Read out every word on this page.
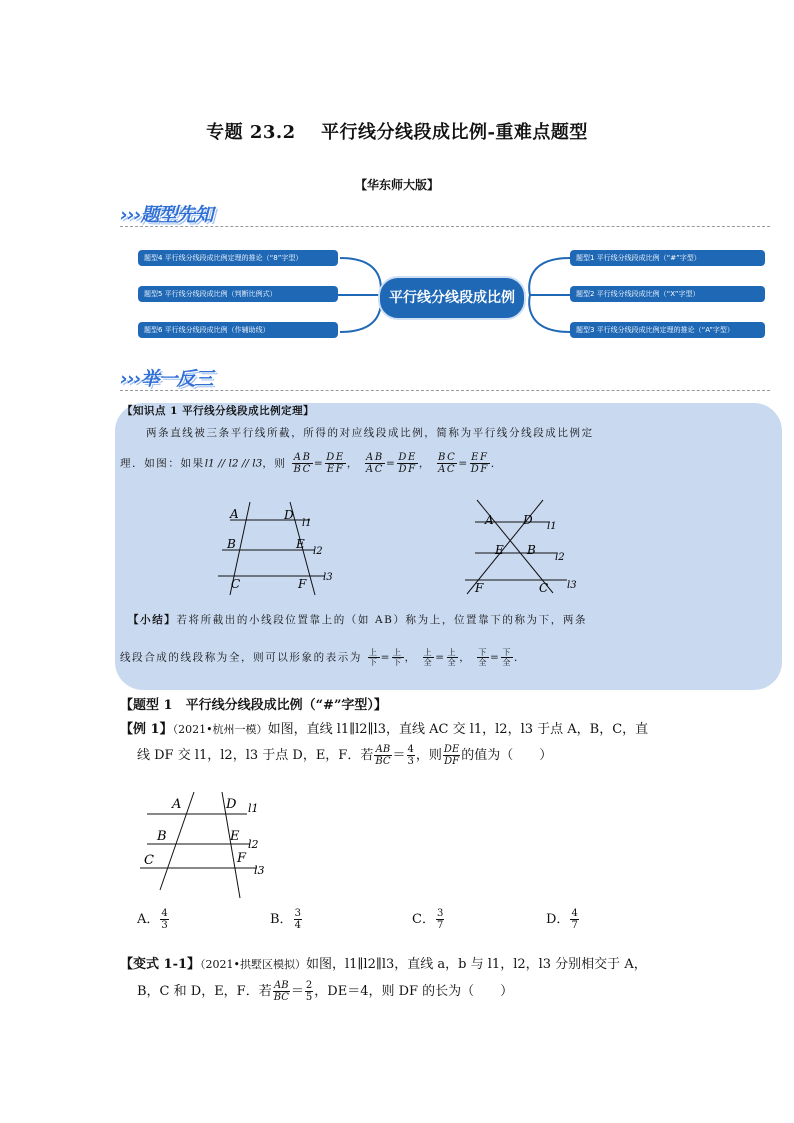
专题 23.2　 平行线分线段成比例-重难点题型
【华东师大版】
›››题型先知
题型4 平行线分线段成比例定理的推论（“8”字型）
题型5 平行线分线段成比例（判断比例式）
题型6 平行线分线段成比例（作辅助线）
平行线分线段成比例
题型1 平行线分线段成比例（“#”字型）
题型2 平行线分线段成比例（“X”字型）
题型3 平行线分线段成比例定理的推论（“A”字型）
›››举一反三
【知识点 1 平行线分线段成比例定理】
两条直线被三条平行线所截，所得的对应线段成比例，简称为平行线分线段成比例定
理．如图：如果l1 // l2 // l3，则 $\frac{AB}{BC} = \frac{DE}{EF}$ ， $\frac{AB}{AC} = \frac{DE}{DF}$ ， $\frac{BC}{AC} = \frac{EF}{DF}$ ．
A	D
l1
B	E
l2
C	F l3
A D l1
E B
l2
F	C l3
【小结】若将所截出的小线段位置靠上的（如 AB）称为上，位置靠下的称为下，两条
线段合成的线段称为全，则可以形象的表示为 $\frac{\text{上}}{\text{下}} = \frac{\text{上}}{\text{下}}$ ， $\frac{\text{上}}{\text{全}} = \frac{\text{上}}{\text{全}}$ ， $\frac{\text{下}}{\text{全}} = \frac{\text{下}}{\text{全}}$ ．
【题型 1　平行线分线段成比例（“#”字型）】
【例 1】（2021•杭州一模）如图，直线 l1∥l2∥l3，直线 AC 交 l1，l2，l3 于点 A，B，C，直
线 DF 交 l1，l2，l3 于点 D，E，F．若 $\frac{AB}{BC} = \frac{4}{3}$ ，则 $\frac{DE}{DF}$ 的值为（　　）
A	D l1
B	E
l2
C	F
l3
A． $\frac{4}{3}$	B． $\frac{3}{4}$	C． $\frac{3}{7}$	D． $\frac{4}{7}$
【变式 1-1】（2021•拱墅区模拟）如图，l1∥l2∥l3，直线 a，b 与 l1，l2，l3 分别相交于 A，
B，C 和 D，E，F．若 $\frac{AB}{BC} = \frac{2}{5}$ ，DE＝4，则 DF 的长为（　　）
